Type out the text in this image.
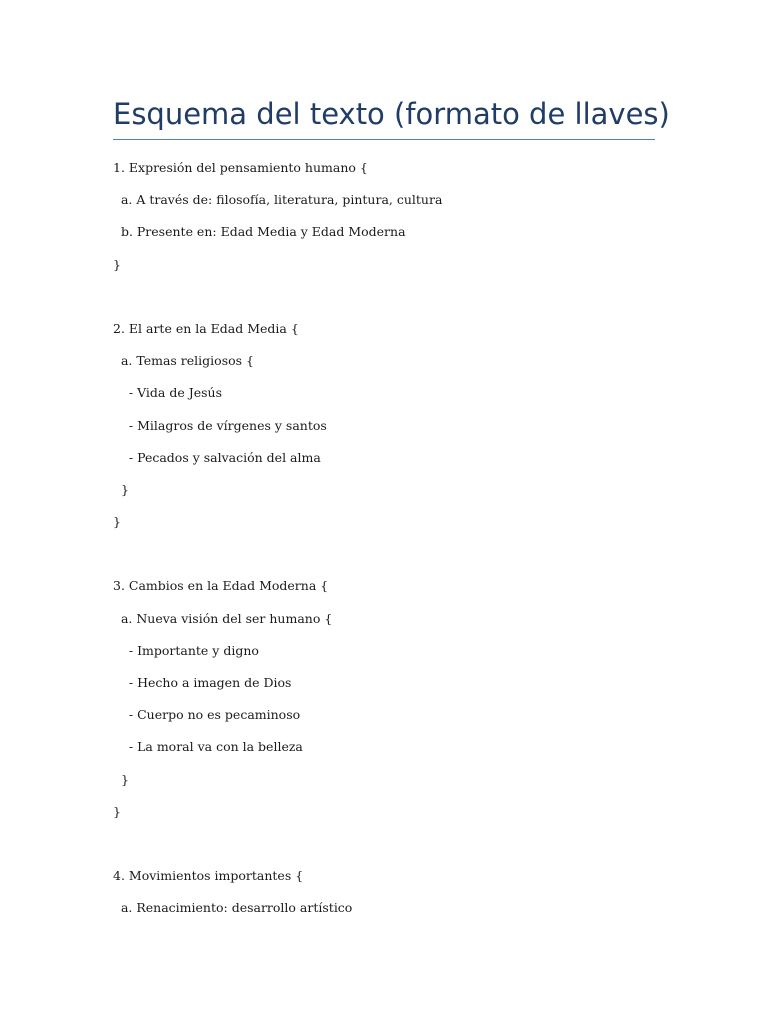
Esquema del texto (formato de llaves)
1. Expresión del pensamiento humano {
a. A través de: filosofía, literatura, pintura, cultura
b. Presente en: Edad Media y Edad Moderna
}
2. El arte en la Edad Media {
a. Temas religiosos {
- Vida de Jesús
- Milagros de vírgenes y santos
- Pecados y salvación del alma
}
}
3. Cambios en la Edad Moderna {
a. Nueva visión del ser humano {
- Importante y digno
- Hecho a imagen de Dios
- Cuerpo no es pecaminoso
- La moral va con la belleza
}
}
4. Movimientos importantes {
a. Renacimiento: desarrollo artístico
